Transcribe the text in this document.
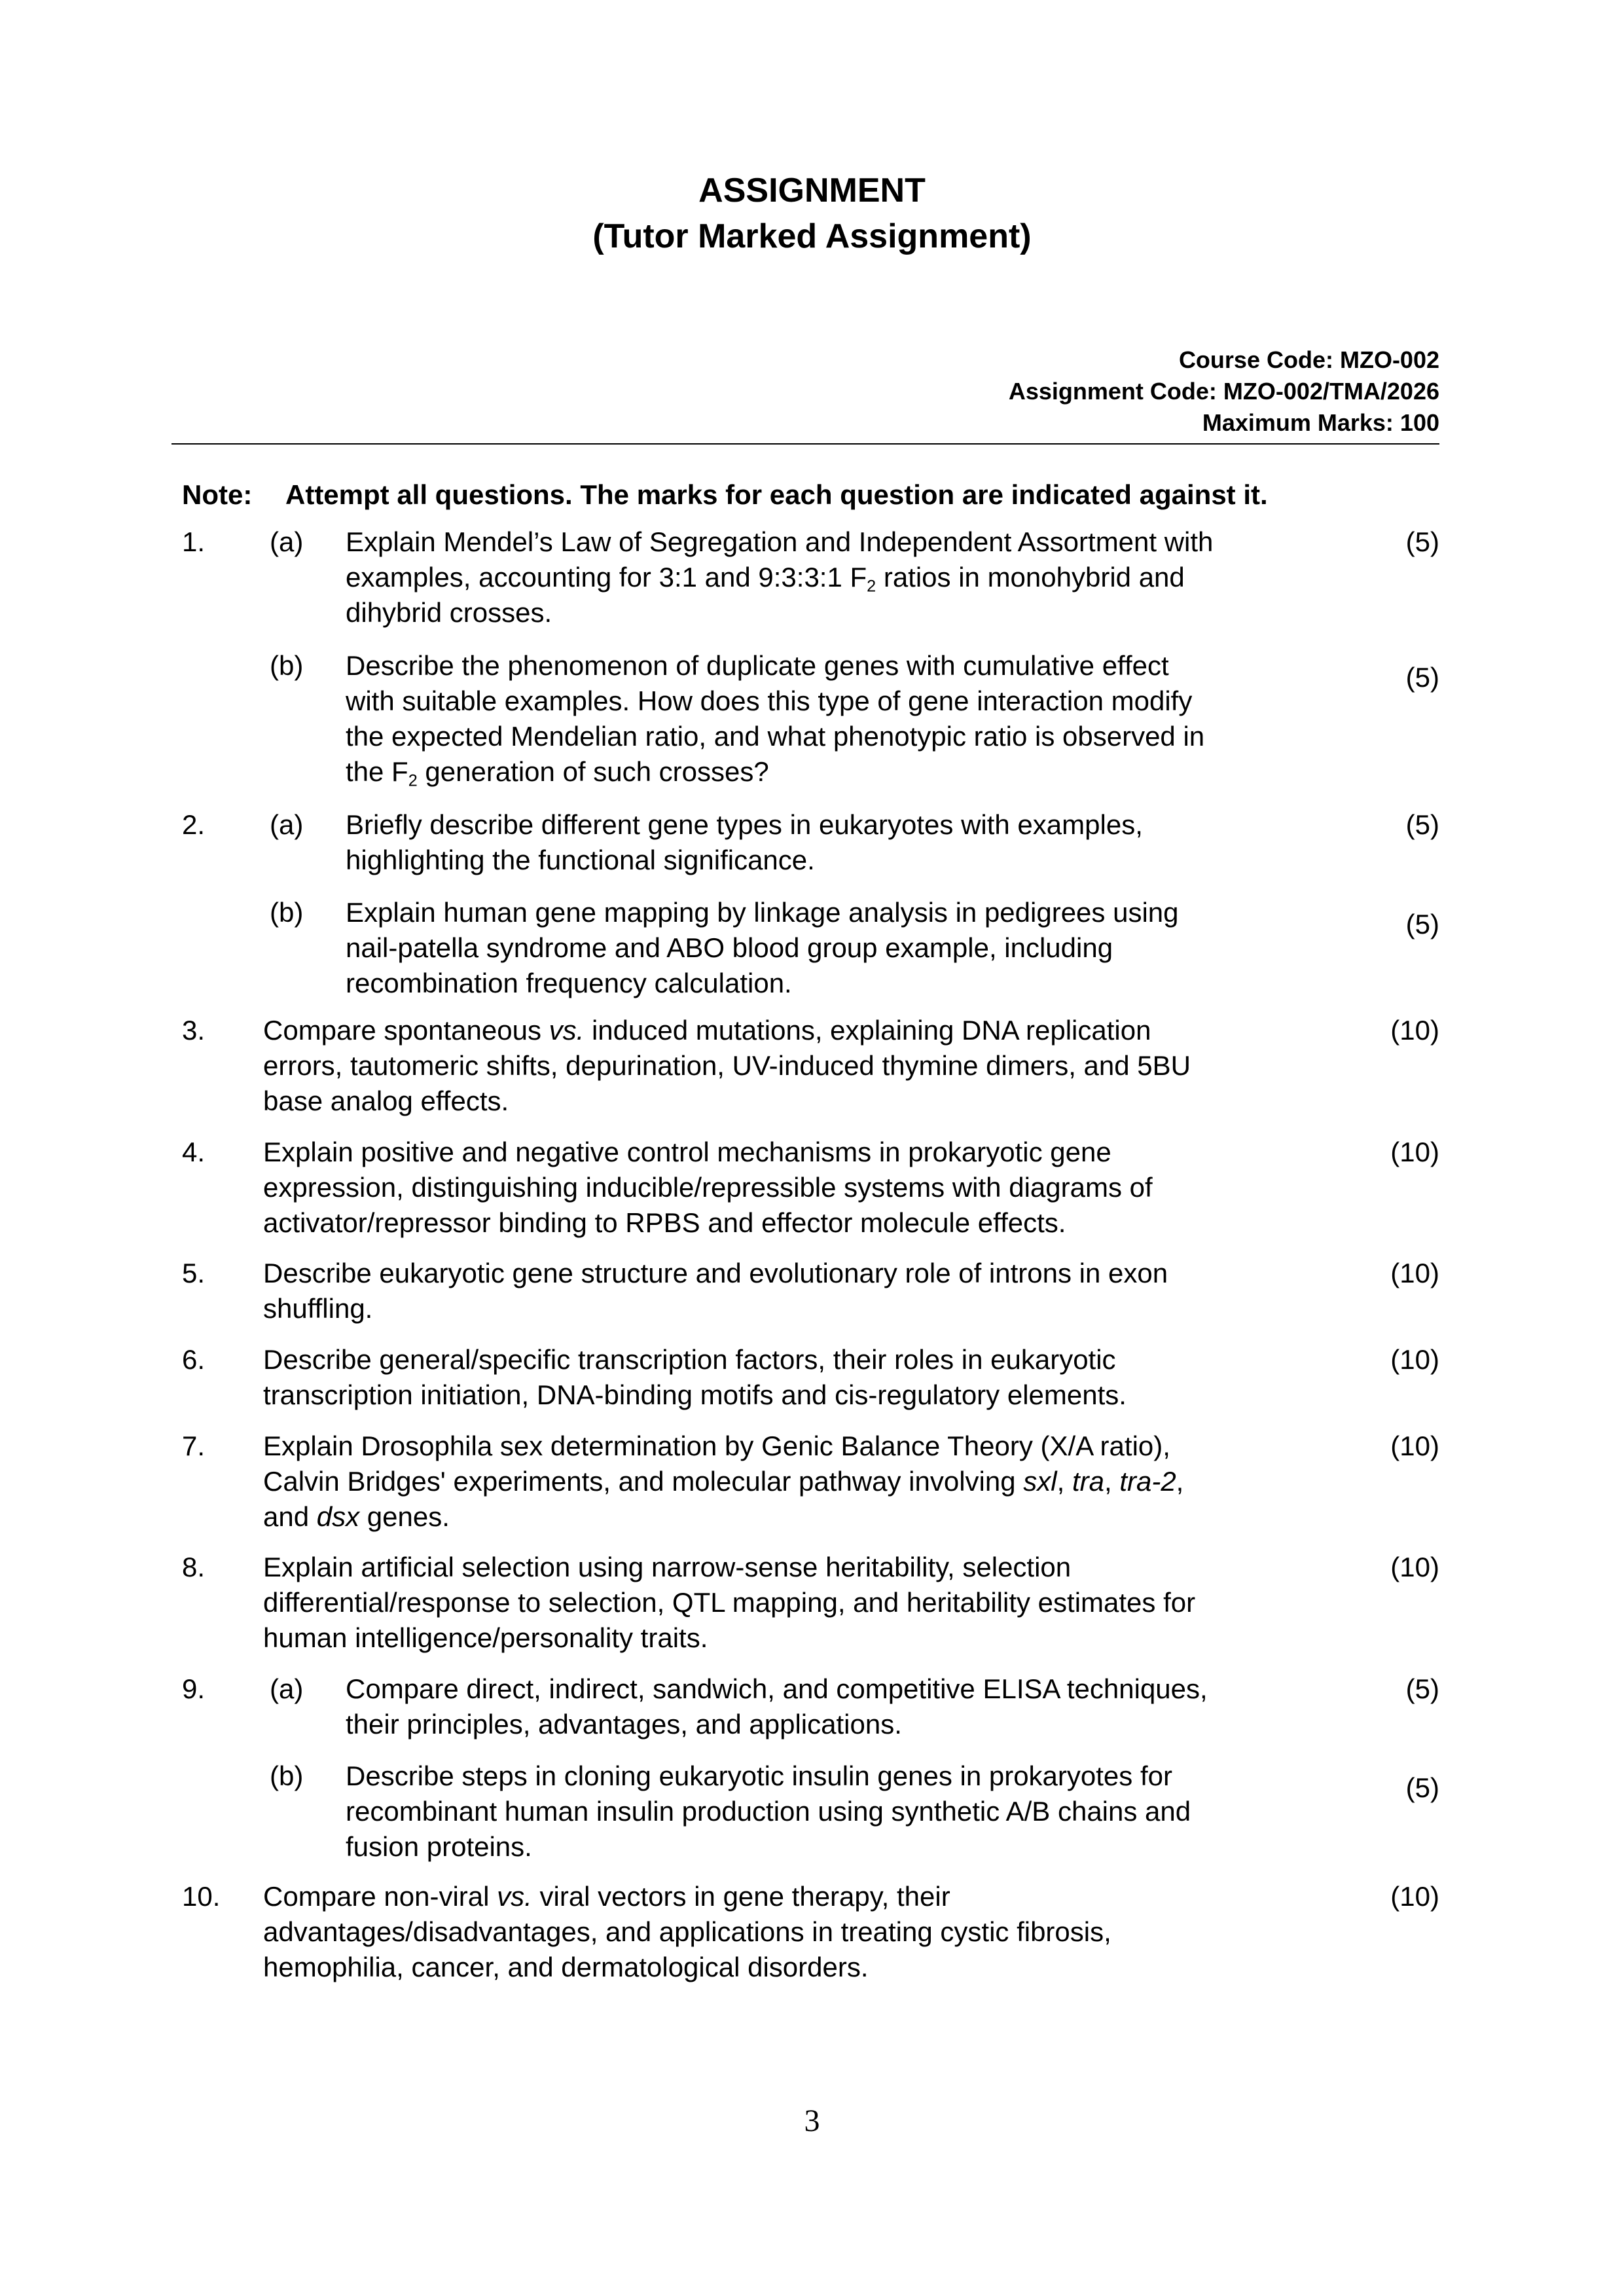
ASSIGNMENT
(Tutor Marked Assignment)
Course Code: MZO-002
Assignment Code: MZO-002/TMA/2026
Maximum Marks: 100
Note: Attempt all questions. The marks for each question are indicated against it.
1. (a) Explain Mendel’s Law of Segregation and Independent Assortment with
examples, accounting for 3:1 and 9:3:3:1 $F_2$ ratios in monohybrid and
dihybrid crosses.
(5)
(b) Describe the phenomenon of duplicate genes with cumulative effect
with suitable examples. How does this type of gene interaction modify
the expected Mendelian ratio, and what phenotypic ratio is observed in
the $F_2$ generation of such crosses?
(5)
2. (a) Briefly describe different gene types in eukaryotes with examples,
highlighting the functional significance.
(5)
(b) Explain human gene mapping by linkage analysis in pedigrees using
nail-patella syndrome and ABO blood group example, including
recombination frequency calculation.
(5)
3. Compare spontaneous vs. induced mutations, explaining DNA replication
errors, tautomeric shifts, depurination, UV-induced thymine dimers, and 5BU
base analog effects.
(10)
4. Explain positive and negative control mechanisms in prokaryotic gene
expression, distinguishing inducible/repressible systems with diagrams of
activator/repressor binding to RPBS and effector molecule effects.
(10)
5. Describe eukaryotic gene structure and evolutionary role of introns in exon
shuffling.
(10)
6. Describe general/specific transcription factors, their roles in eukaryotic
transcription initiation, DNA-binding motifs and cis-regulatory elements.
(10)
7. Explain Drosophila sex determination by Genic Balance Theory (X/A ratio),
Calvin Bridges' experiments, and molecular pathway involving sxl, tra, tra-2,
and dsx genes.
(10)
8. Explain artificial selection using narrow-sense heritability, selection
differential/response to selection, QTL mapping, and heritability estimates for
human intelligence/personality traits.
(10)
9. (a) Compare direct, indirect, sandwich, and competitive ELISA techniques,
their principles, advantages, and applications.
(5)
(b) Describe steps in cloning eukaryotic insulin genes in prokaryotes for
recombinant human insulin production using synthetic A/B chains and
fusion proteins.
(5)
10. Compare non-viral vs. viral vectors in gene therapy, their
advantages/disadvantages, and applications in treating cystic fibrosis,
hemophilia, cancer, and dermatological disorders.
(10)
3
